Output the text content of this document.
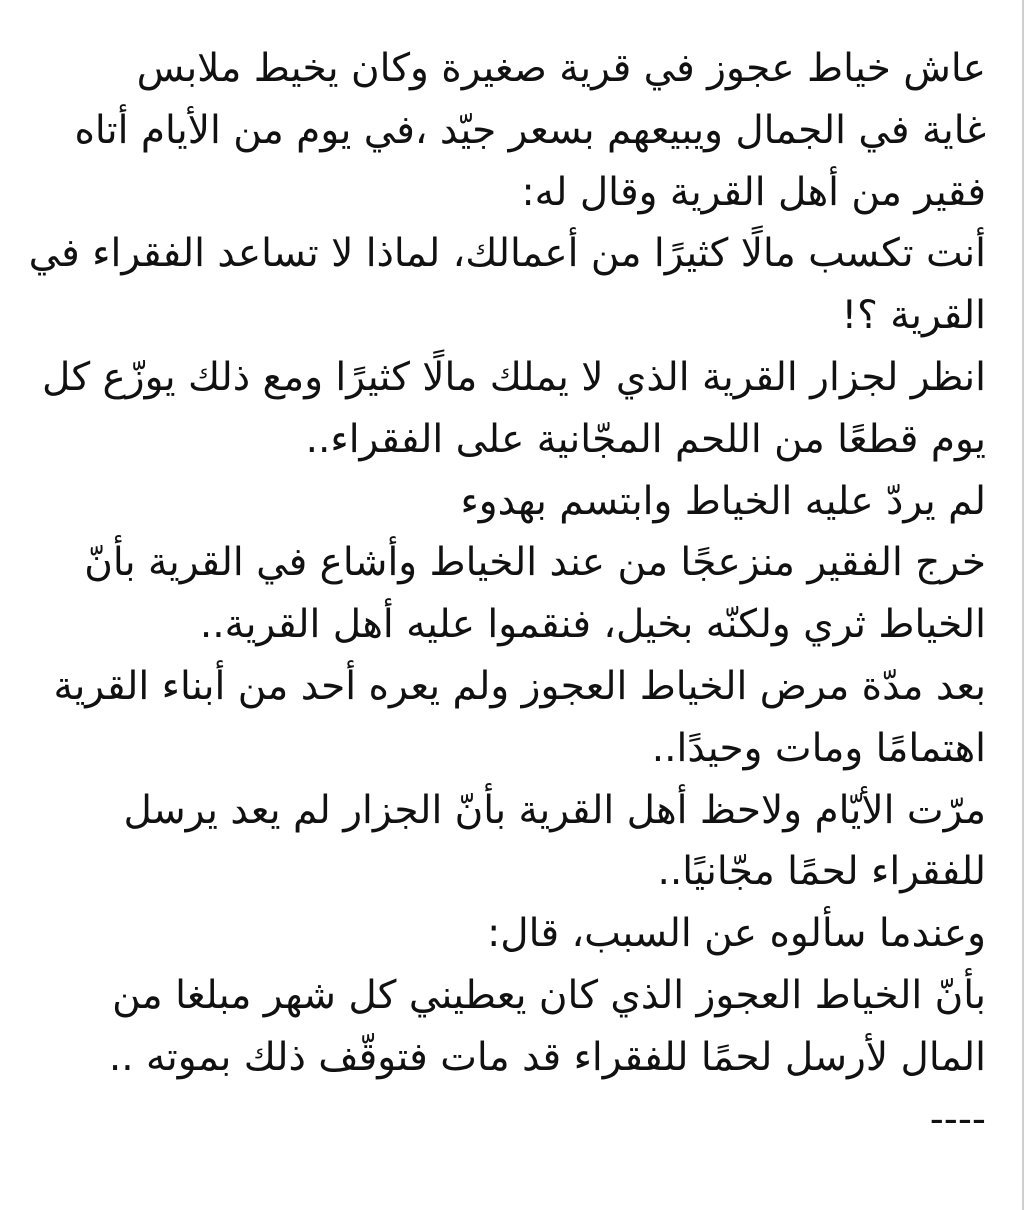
عاش خياط عجوز في قرية صغيرة وكان يخيط ملابس
غاية في الجمال ويبيعهم بسعر جيّد ،في يوم من الأيام أتاه
فقير من أهل القرية وقال له:
أنت تكسب مالًا كثيرًا من أعمالك، لماذا لا تساعد الفقراء في
القرية ؟!
انظر لجزار القرية الذي لا يملك مالًا كثيرًا ومع ذلك يوزّع كل
يوم قطعًا من اللحم المجّانية على الفقراء..
لم يردّ عليه الخياط وابتسم بهدوء
خرج الفقير منزعجًا من عند الخياط وأشاع في القرية بأنّ
الخياط ثري ولكنّه بخيل، فنقموا عليه أهل القرية..
بعد مدّة مرض الخياط العجوز ولم يعره أحد من أبناء القرية
اهتمامًا ومات وحيدًا..
مرّت الأيّام ولاحظ أهل القرية بأنّ الجزار لم يعد يرسل
للفقراء لحمًا مجّانيًا..
وعندما سألوه عن السبب، قال:
بأنّ الخياط العجوز الذي كان يعطيني كل شهر مبلغا من
المال لأرسل لحمًا للفقراء قد مات فتوقّف ذلك بموته ..
----
